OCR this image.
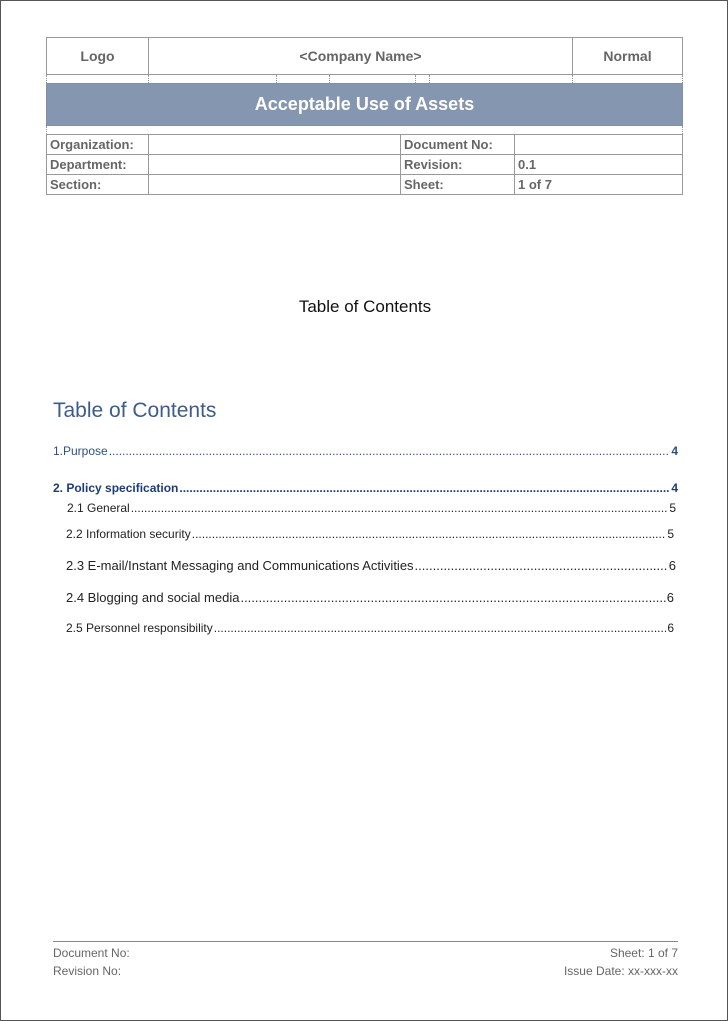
Logo	<Company Name>	Normal
Acceptable Use of Assets
Organization:		Document No:	
Department:		Revision:	0.1
Section:		Sheet:	1 of 7
Table of Contents
Table of Contents
1.Purpose .....	4
2. Policy specification .....	4
2.1 General .....	5
2.2 Information security .....	5
2.3 E-mail/Instant Messaging and Communications Activities .....	6
2.4 Blogging and social media .....	6
2.5 Personnel responsibility .....	6
Document No:	Sheet: 1 of 7
Revision No:	Issue Date: xx-xxx-xx
